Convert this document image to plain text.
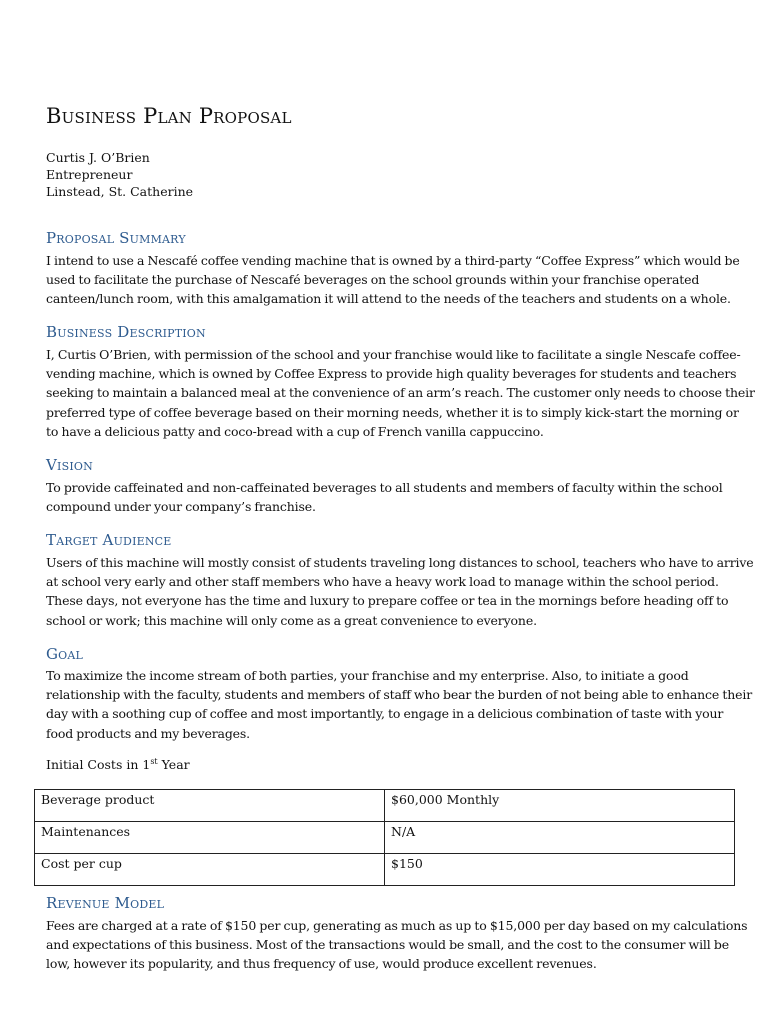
Business Plan Proposal
Curtis J. O’Brien
Entrepreneur
Linstead, St. Catherine
Proposal Summary
I intend to use a Nescafé coffee vending machine that is owned by a third-party “Coffee Express” which would be
used to facilitate the purchase of Nescafé beverages on the school grounds within your franchise operated
canteen/lunch room, with this amalgamation it will attend to the needs of the teachers and students on a whole.
Business Description
I, Curtis O’Brien, with permission of the school and your franchise would like to facilitate a single Nescafe coffee-
vending machine, which is owned by Coffee Express to provide high quality beverages for students and teachers
seeking to maintain a balanced meal at the convenience of an arm’s reach. The customer only needs to choose their
preferred type of coffee beverage based on their morning needs, whether it is to simply kick-start the morning or
to have a delicious patty and coco-bread with a cup of French vanilla cappuccino.
Vision
To provide caffeinated and non-caffeinated beverages to all students and members of faculty within the school
compound under your company’s franchise.
Target Audience
Users of this machine will mostly consist of students traveling long distances to school, teachers who have to arrive
at school very early and other staff members who have a heavy work load to manage within the school period.
These days, not everyone has the time and luxury to prepare coffee or tea in the mornings before heading off to
school or work; this machine will only come as a great convenience to everyone.
Goal
To maximize the income stream of both parties, your franchise and my enterprise. Also, to initiate a good
relationship with the faculty, students and members of staff who bear the burden of not being able to enhance their
day with a soothing cup of coffee and most importantly, to engage in a delicious combination of taste with your
food products and my beverages.
Initial Costs in 1st Year
Beverage product	$60,000 Monthly
Maintenances	N/A
Cost per cup	$150
Revenue Model
Fees are charged at a rate of $150 per cup, generating as much as up to $15,000 per day based on my calculations
and expectations of this business. Most of the transactions would be small, and the cost to the consumer will be
low, however its popularity, and thus frequency of use, would produce excellent revenues.
